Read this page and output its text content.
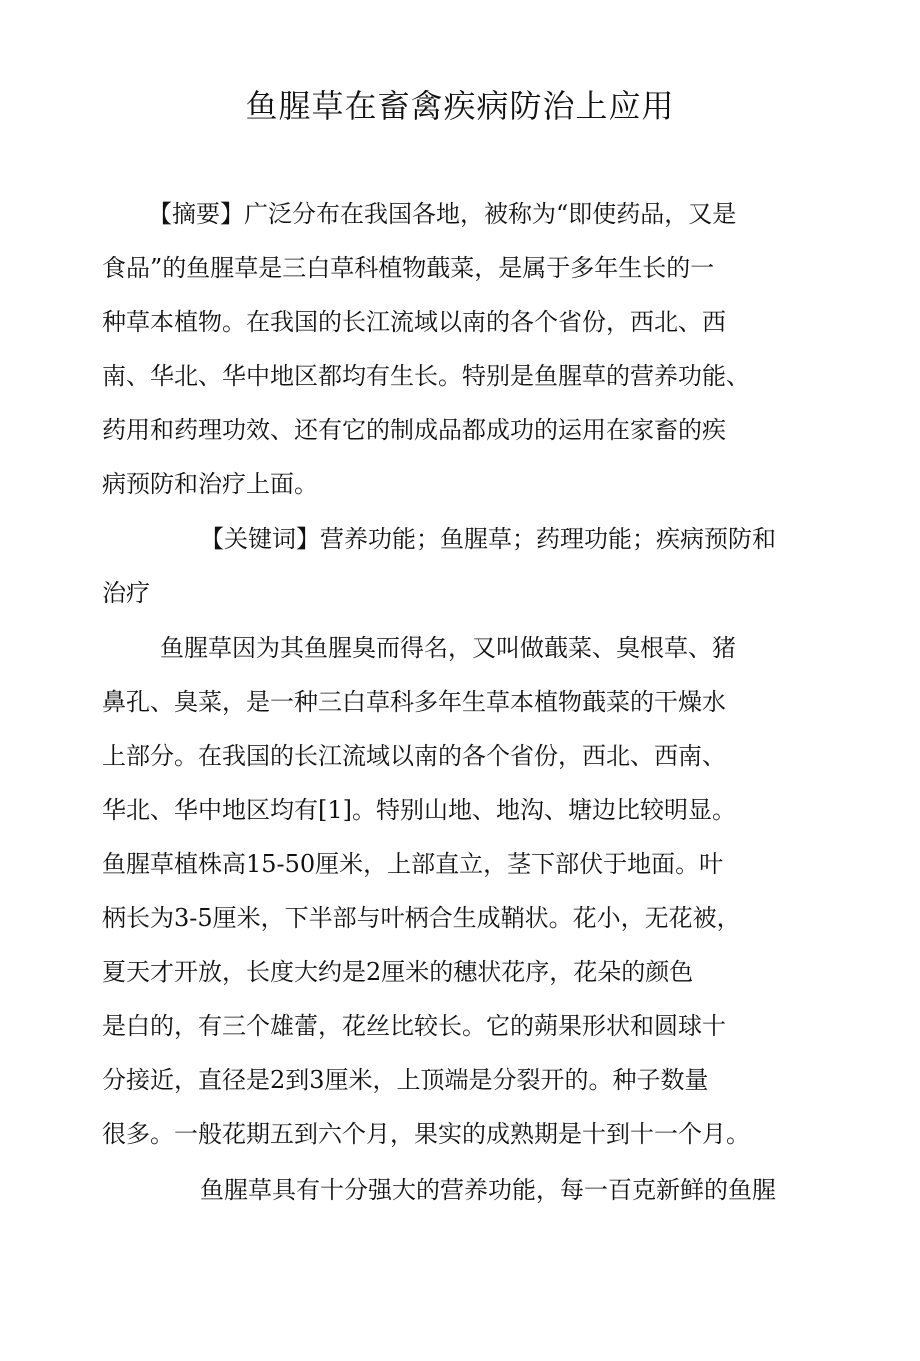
鱼腥草在畜禽疾病防治上应用
【摘要】广泛分布在我国各地，被称为“即使药品，又是
食品”的鱼腥草是三白草科植物蕺菜，是属于多年生长的一
种草本植物。在我国的长江流域以南的各个省份，西北、西
南、华北、华中地区都均有生长。特别是鱼腥草的营养功能、
药用和药理功效、还有它的制成品都成功的运用在家畜的疾
病预防和治疗上面。
【关键词】营养功能；鱼腥草；药理功能；疾病预防和
治疗
鱼腥草因为其鱼腥臭而得名，又叫做蕺菜、臭根草、猪
鼻孔、臭菜，是一种三白草科多年生草本植物蕺菜的干燥水
上部分。在我国的长江流域以南的各个省份，西北、西南、
华北、华中地区均有[1]。特别山地、地沟、塘边比较明显。
鱼腥草植株高15-50厘米，上部直立，茎下部伏于地面。叶
柄长为3-5厘米，下半部与叶柄合生成鞘状。花小，无花被，
夏天才开放，长度大约是2厘米的穗状花序，花朵的颜色
是白的，有三个雄蕾，花丝比较长。它的蒴果形状和圆球十
分接近，直径是2到3厘米，上顶端是分裂开的。种子数量
很多。一般花期五到六个月，果实的成熟期是十到十一个月。
鱼腥草具有十分强大的营养功能，每一百克新鲜的鱼腥
